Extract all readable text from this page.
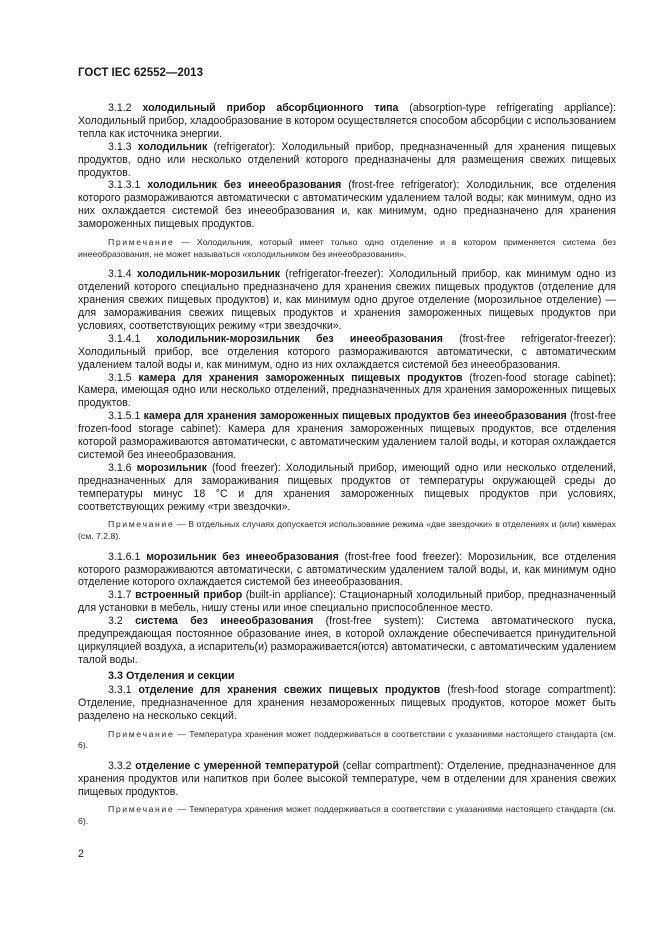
ГОСТ IEC 62552—2013

3.1.2 холодильный прибор абсорбционного типа (absorption-type refrigerating appliance): Холодильный прибор, хладообразование в котором осуществляется способом абсорбции с использованием тепла как источника энергии.

3.1.3 холодильник (refrigerator): Холодильный прибор, предназначенный для хранения пищевых продуктов, одно или несколько отделений которого предназначены для размещения свежих пищевых продуктов.

3.1.3.1 холодильник без инееобразования (frost-free refrigerator): Холодильник, все отделения которого размораживаются автоматически с автоматическим удалением талой воды; как минимум, одно из них охлаждается системой без инееобразования и, как минимум, одно предназначено для хранения замороженных пищевых продуктов.

Примечание — Холодильник, который имеет только одно отделение и в котором применяется система без инееобразования, не может называться «холодильником без инееобразования».

3.1.4 холодильник-морозильник (refrigerator-freezer): Холодильный прибор, как минимум одно из отделений которого специально предназначено для хранения свежих пищевых продуктов (отделение для хранения свежих пищевых продуктов) и, как минимум одно другое отделение (морозильное отделение) — для замораживания свежих пищевых продуктов и хранения замороженных пищевых продуктов при условиях, соответствующих режиму «три звездочки».

3.1.4.1 холодильник-морозильник без инееобразования (frost-free refrigerator-freezer): Холодильный прибор, все отделения которого размораживаются автоматически, с автоматическим удалением талой воды и, как минимум, одно из них охлаждается системой без инееобразования.

3.1.5 камера для хранения замороженных пищевых продуктов (frozen-food storage cabinet): Камера, имеющая одно или несколько отделений, предназначенных для хранения замороженных пищевых продуктов.

3.1.5.1 камера для хранения замороженных пищевых продуктов без инееобразования (frost-free frozen-food storage cabinet): Камера для хранения замороженных пищевых продуктов, все отделения которой размораживаются автоматически, с автоматическим удалением талой воды, и которая охлаждается системой без инееобразования.

3.1.6 морозильник (food freezer): Холодильный прибор, имеющий одно или несколько отделений, предназначенных для замораживания пищевых продуктов от температуры окружающей среды до температуры минус 18 °С и для хранения замороженных пищевых продуктов при условиях, соответствующих режиму «три звездочки».

Примечание — В отдельных случаях допускается использование режима «две звездочки» в отделениях и (или) камерах (см. 7.2.8).

3.1.6.1 морозильник без инееобразования (frost-free food freezer): Морозильник, все отделения которого размораживаются автоматически, с автоматическим удалением талой воды, и, как минимум одно отделение которого охлаждается системой без инееобразования.

3.1.7 встроенный прибор (built-in appliance): Стационарный холодильный прибор, предназначенный для установки в мебель, нишу стены или иное специально приспособленное место.

3.2 система без инееобразования (frost-free system): Система автоматического пуска, предупреждающая постоянное образование инея, в которой охлаждение обеспечивается принудительной циркуляцией воздуха, а испаритель(и) размораживается(ются) автоматически, с автоматическим удалением талой воды.

3.3 Отделения и секции

3.3.1 отделение для хранения свежих пищевых продуктов (fresh-food storage compartment): Отделение, предназначенное для хранения незамороженных пищевых продуктов, которое может быть разделено на несколько секций.

Примечание — Температура хранения может поддерживаться в соответствии с указаниями настоящего стандарта (см. 6).

3.3.2 отделение с умеренной температурой (cellar compartment): Отделение, предназначенное для хранения продуктов или напитков при более высокой температуре, чем в отделении для хранения свежих пищевых продуктов.

Примечание — Температура хранения может поддерживаться в соответствии с указаниями настоящего стандарта (см. 6).

2
